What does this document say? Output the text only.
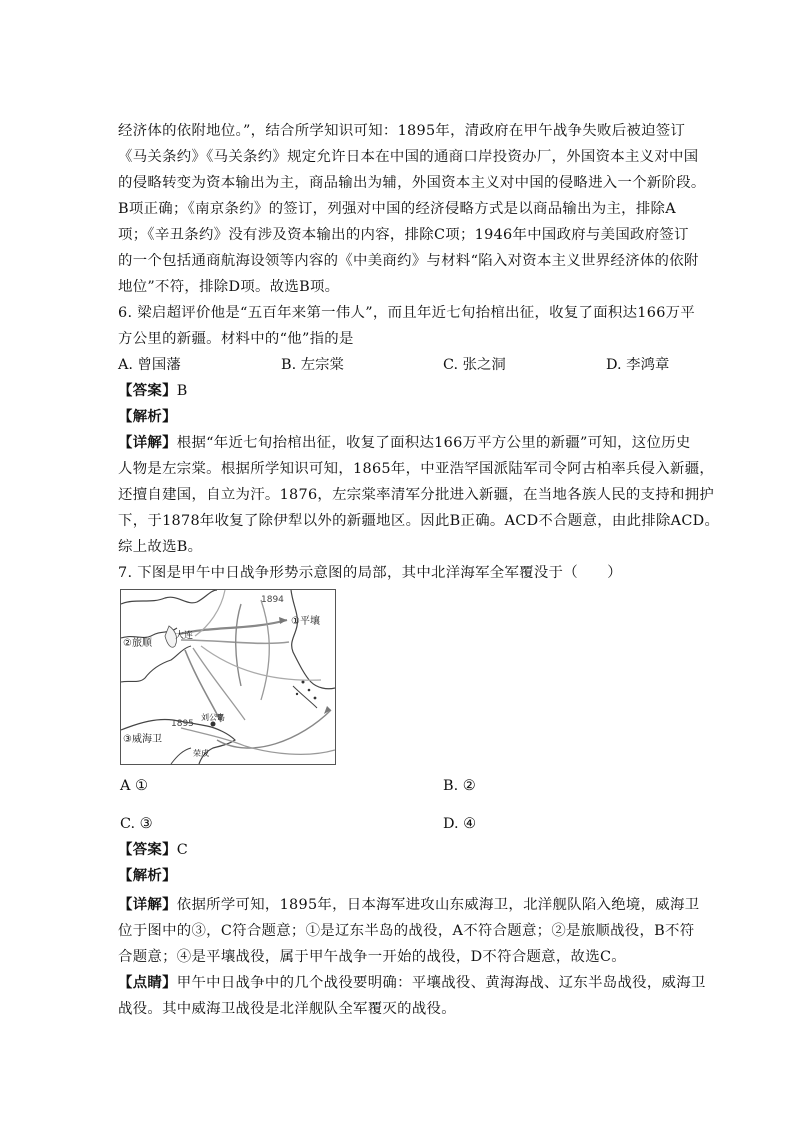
经济体的依附地位。”，结合所学知识可知：1895年，清政府在甲午战争失败后被迫签订
《马关条约》《马关条约》规定允许日本在中国的通商口岸投资办厂，外国资本主义对中国
的侵略转变为资本输出为主，商品输出为辅，外国资本主义对中国的侵略进入一个新阶段。
B项正确；《南京条约》的签订，列强对中国的经济侵略方式是以商品输出为主，排除A
项；《辛丑条约》没有涉及资本输出的内容，排除C项；1946年中国政府与美国政府签订
的一个包括通商航海设领等内容的《中美商约》与材料“陷入对资本主义世界经济体的依附
地位”不符，排除D项。故选B项。
6. 梁启超评价他是“五百年来第一伟人”，而且年近七旬抬棺出征，收复了面积达166万平
方公里的新疆。材料中的“他”指的是
A. 曾国藩	B. 左宗棠	C. 张之洞	D. 李鸿章
【答案】B
【解析】
【详解】根据“年近七旬抬棺出征，收复了面积达166万平方公里的新疆”可知，这位历史
人物是左宗棠。根据所学知识可知，1865年，中亚浩罕国派陆军司令阿古柏率兵侵入新疆，
还擅自建国，自立为汗。1876，左宗棠率清军分批进入新疆，在当地各族人民的支持和拥护
下，于1878年收复了除伊犁以外的新疆地区。因此B正确。ACD不合题意，由此排除ACD。
综上故选B。
7. 下图是甲午中日战争形势示意图的局部，其中北洋海军全军覆没于（　　）
1894
①平壤
②旅顺
大连
1895
刘公岛
③威海卫
荣成
A ①	B. ②
C. ③	D. ④
【答案】C
【解析】
【详解】依据所学可知，1895年，日本海军进攻山东威海卫，北洋舰队陷入绝境，威海卫
位于图中的③，C符合题意；①是辽东半岛的战役，A不符合题意；②是旅顺战役，B不符
合题意；④是平壤战役，属于甲午战争一开始的战役，D不符合题意，故选C。
【点睛】甲午中日战争中的几个战役要明确：平壤战役、黄海海战、辽东半岛战役，威海卫
战役。其中威海卫战役是北洋舰队全军覆灭的战役。
